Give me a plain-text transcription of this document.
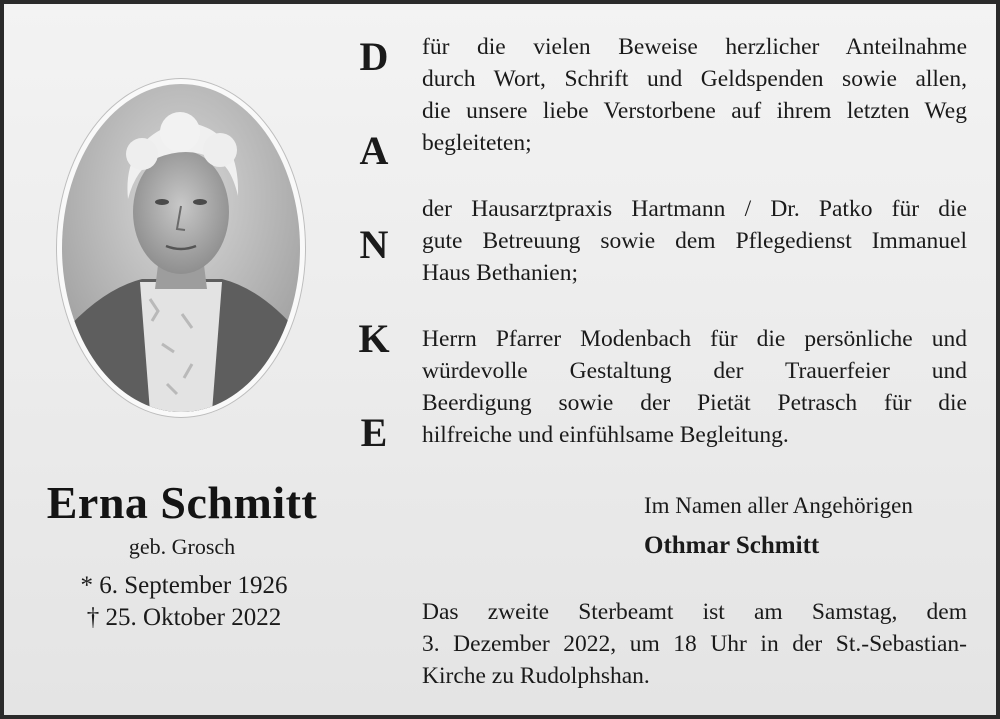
Erna Schmitt
geb. Grosch
* 6. September 1926
† 25. Oktober 2022
D
A
N
K
E
für die vielen Beweise herzlicher Anteilnahme
durch Wort, Schrift und Geldspenden sowie allen,
die unsere liebe Verstorbene auf ihrem letzten Weg
begleiteten;
der Hausarztpraxis Hartmann / Dr. Patko für die
gute Betreuung sowie dem Pflegedienst Immanuel
Haus Bethanien;
Herrn Pfarrer Modenbach für die persönliche und
würdevolle Gestaltung der Trauerfeier und
Beerdigung sowie der Pietät Petrasch für die
hilfreiche und einfühlsame Begleitung.
Im Namen aller Angehörigen
Othmar Schmitt
Das zweite Sterbeamt ist am Samstag, dem
3. Dezember 2022, um 18 Uhr in der St.-Sebastian-
Kirche zu Rudolphshan.
